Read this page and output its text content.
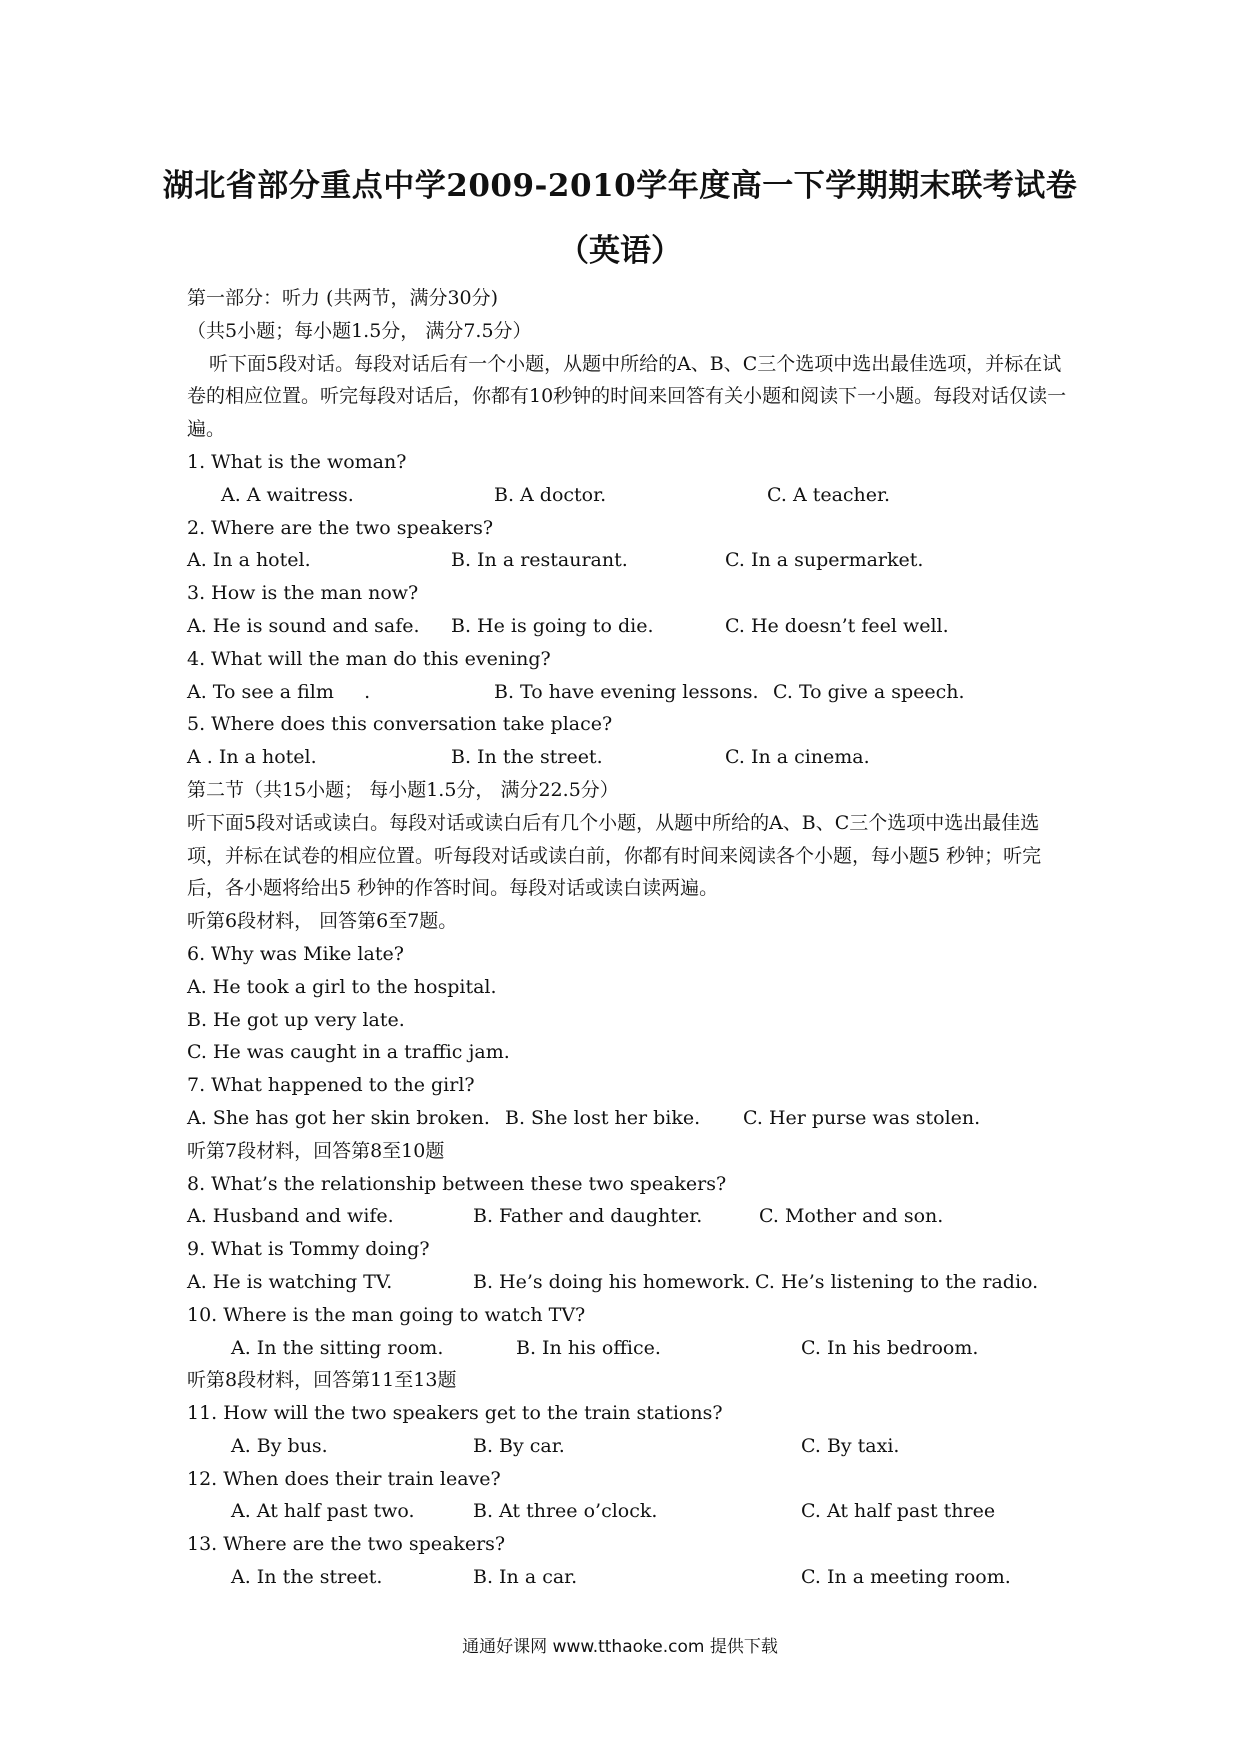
湖北省部分重点中学2009-2010学年度高一下学期期末联考试卷
（英语）
第一部分：听力 (共两节，满分30分)
（共5小题；每小题1.5分， 满分7.5分）
听下面5段对话。每段对话后有一个小题，从题中所给的A、B、C三个选项中选出最佳选项，并标在试卷的相应位置。听完每段对话后，你都有10秒钟的时间来回答有关小题和阅读下一小题。每段对话仅读一遍。
1. What is the woman?
A. A waitress.	B. A doctor.	C. A teacher.
2. Where are the two speakers?
A. In a hotel.	B. In a restaurant.	C. In a supermarket.
3. How is the man now?
A. He is sound and safe. B. He is going to die.	C. He doesn’t feel well.
4. What will the man do this evening?
A. To see a film     .	B. To have evening lessons. C. To give a speech.
5. Where does this conversation take place?
A . In a hotel.	B. In the street.	C. In a cinema.
第二节（共15小题； 每小题1.5分， 满分22.5分）
听下面5段对话或读白。每段对话或读白后有几个小题，从题中所给的A、B、C三个选项中选出最佳选项，并标在试卷的相应位置。听每段对话或读白前，你都有时间来阅读各个小题，每小题5 秒钟；听完后，各小题将给出5 秒钟的作答时间。每段对话或读白读两遍。
听第6段材料， 回答第6至7题。
6. Why was Mike late?
A. He took a girl to the hospital.
B. He got up very late.
C. He was caught in a traffic jam.
7. What happened to the girl?
A. She has got her skin broken. B. She lost her bike. C. Her purse was stolen.
听第7段材料，回答第8至10题
8. What’s the relationship between these two speakers?
A. Husband and wife.	B. Father and daughter.	C. Mother and son.
9. What is Tommy doing?
A. He is watching TV.	B. He’s doing his homework. C. He’s listening to the radio.
10. Where is the man going to watch TV?
A. In the sitting room.	B. In his office.	C. In his bedroom.
听第8段材料，回答第11至13题
11. How will the two speakers get to the train stations?
A. By bus.	B. By car.	C. By taxi.
12. When does their train leave?
A. At half past two.	B. At three o’clock.	C. At half past three
13. Where are the two speakers?
A. In the street.	B. In a car.	C. In a meeting room.
通通好课网 www.tthaoke.com 提供下载
